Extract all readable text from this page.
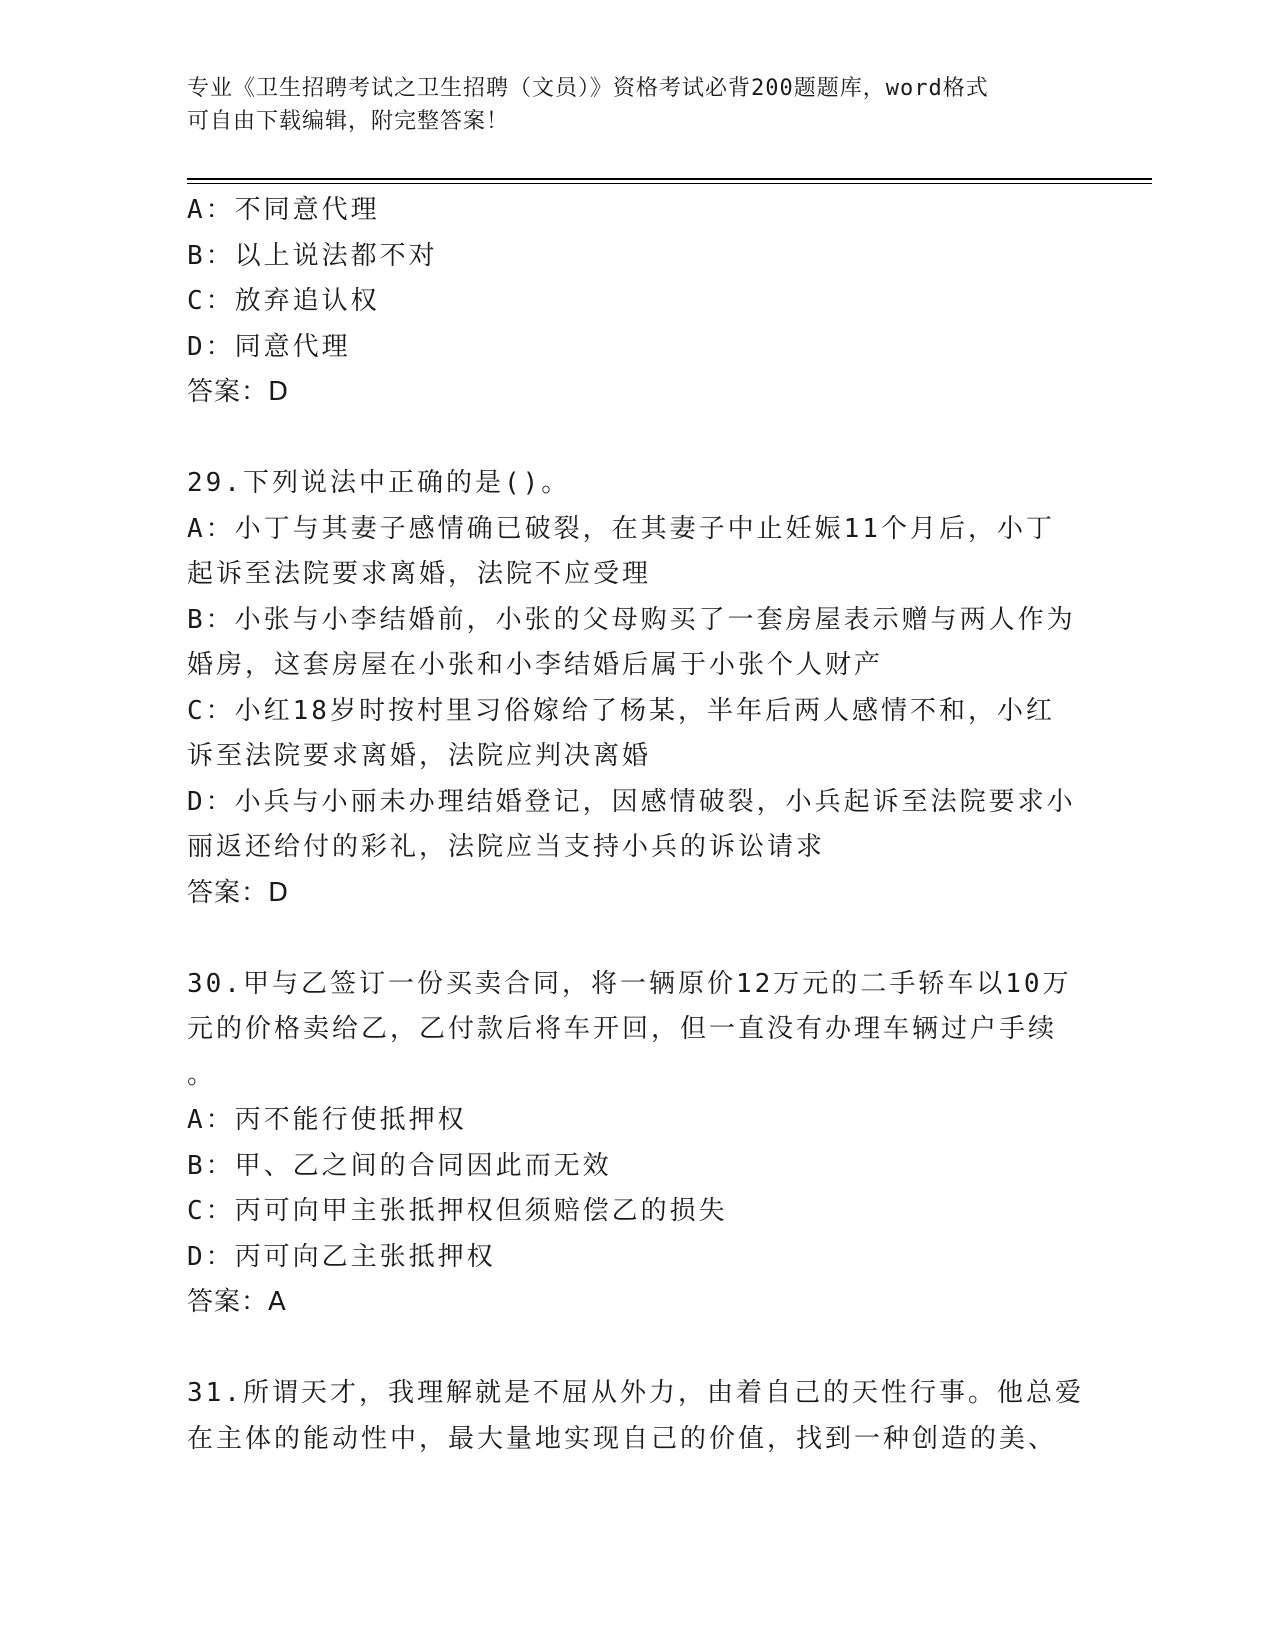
专业《卫生招聘考试之卫生招聘（文员）》资格考试必背200题题库，word格式
可自由下载编辑，附完整答案！
A：不同意代理
B：以上说法都不对
C：放弃追认权
D：同意代理
答案：D
29.下列说法中正确的是()。
A：小丁与其妻子感情确已破裂，在其妻子中止妊娠11个月后，小丁
起诉至法院要求离婚，法院不应受理
B：小张与小李结婚前，小张的父母购买了一套房屋表示赠与两人作为
婚房，这套房屋在小张和小李结婚后属于小张个人财产
C：小红18岁时按村里习俗嫁给了杨某，半年后两人感情不和，小红
诉至法院要求离婚，法院应判决离婚
D：小兵与小丽未办理结婚登记，因感情破裂，小兵起诉至法院要求小
丽返还给付的彩礼，法院应当支持小兵的诉讼请求
答案：D
30.甲与乙签订一份买卖合同，将一辆原价12万元的二手轿车以10万
元的价格卖给乙，乙付款后将车开回，但一直没有办理车辆过户手续
。
A：丙不能行使抵押权
B：甲、乙之间的合同因此而无效
C：丙可向甲主张抵押权但须赔偿乙的损失
D：丙可向乙主张抵押权
答案：A
31.所谓天才，我理解就是不屈从外力，由着自己的天性行事。他总爱
在主体的能动性中，最大量地实现自己的价值，找到一种创造的美、
